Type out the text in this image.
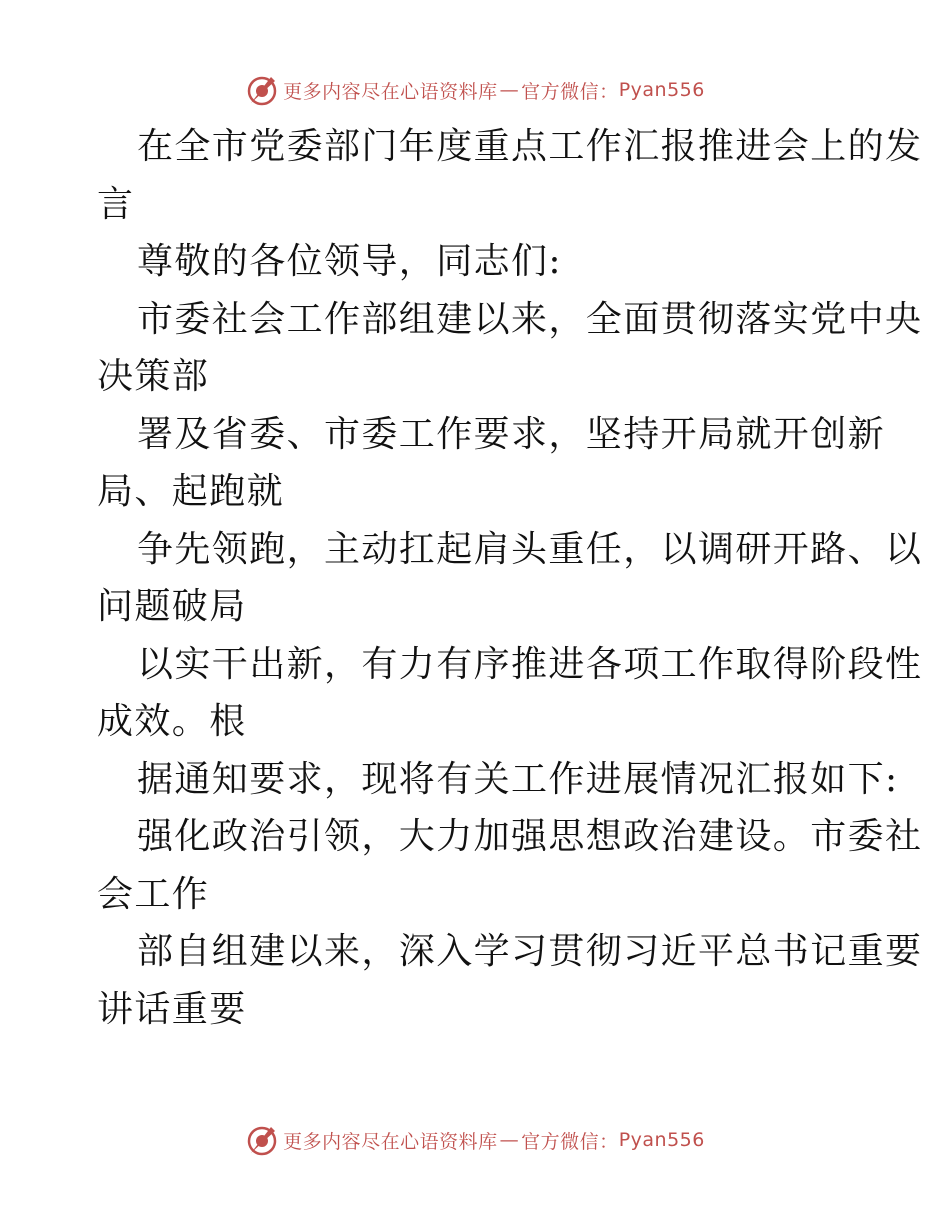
更多内容尽在心语资料库 — 官方微信： Pyan556
在全市党委部门年度重点工作汇报推进会上的发
言
尊敬的各位领导，同志们:
市委社会工作部组建以来，全面贯彻落实党中央
决策部
署及省委、市委工作要求，坚持开局就开创新
局、起跑就
争先领跑，主动扛起肩头重任，以调研开路、以
问题破局
以实干出新，有力有序推进各项工作取得阶段性
成效。根
据通知要求，现将有关工作进展情况汇报如下:
强化政治引领，大力加强思想政治建设。市委社
会工作
部自组建以来，深入学习贯彻习近平总书记重要
讲话重要
更多内容尽在心语资料库 — 官方微信： Pyan556
